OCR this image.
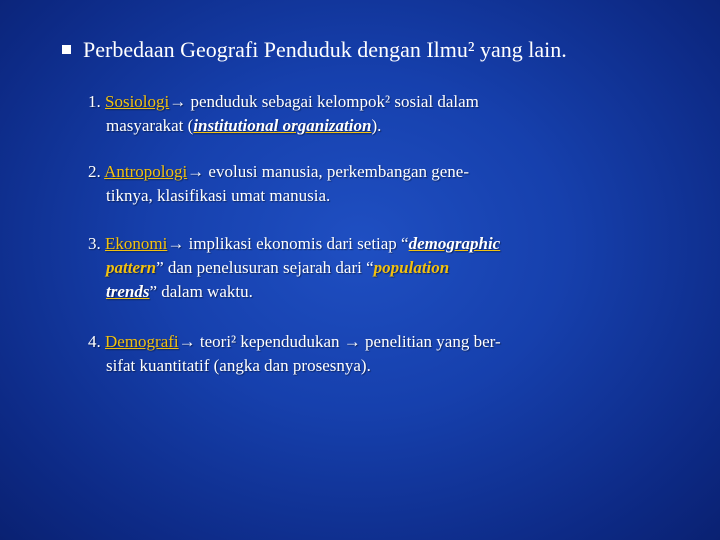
Perbedaan Geografi Penduduk dengan Ilmu² yang lain.
1. Sosiologi→ penduduk sebagai kelompok² sosial dalam
masyarakat (institutional organization).
2. Antropologi→ evolusi manusia, perkembangan gene-
tiknya, klasifikasi umat manusia.
3. Ekonomi→ implikasi ekonomis dari setiap “demographic
pattern” dan penelusuran sejarah dari “population
trends” dalam waktu.
4. Demografi→ teori² kependudukan → penelitian yang ber-
sifat kuantitatif (angka dan prosesnya).
